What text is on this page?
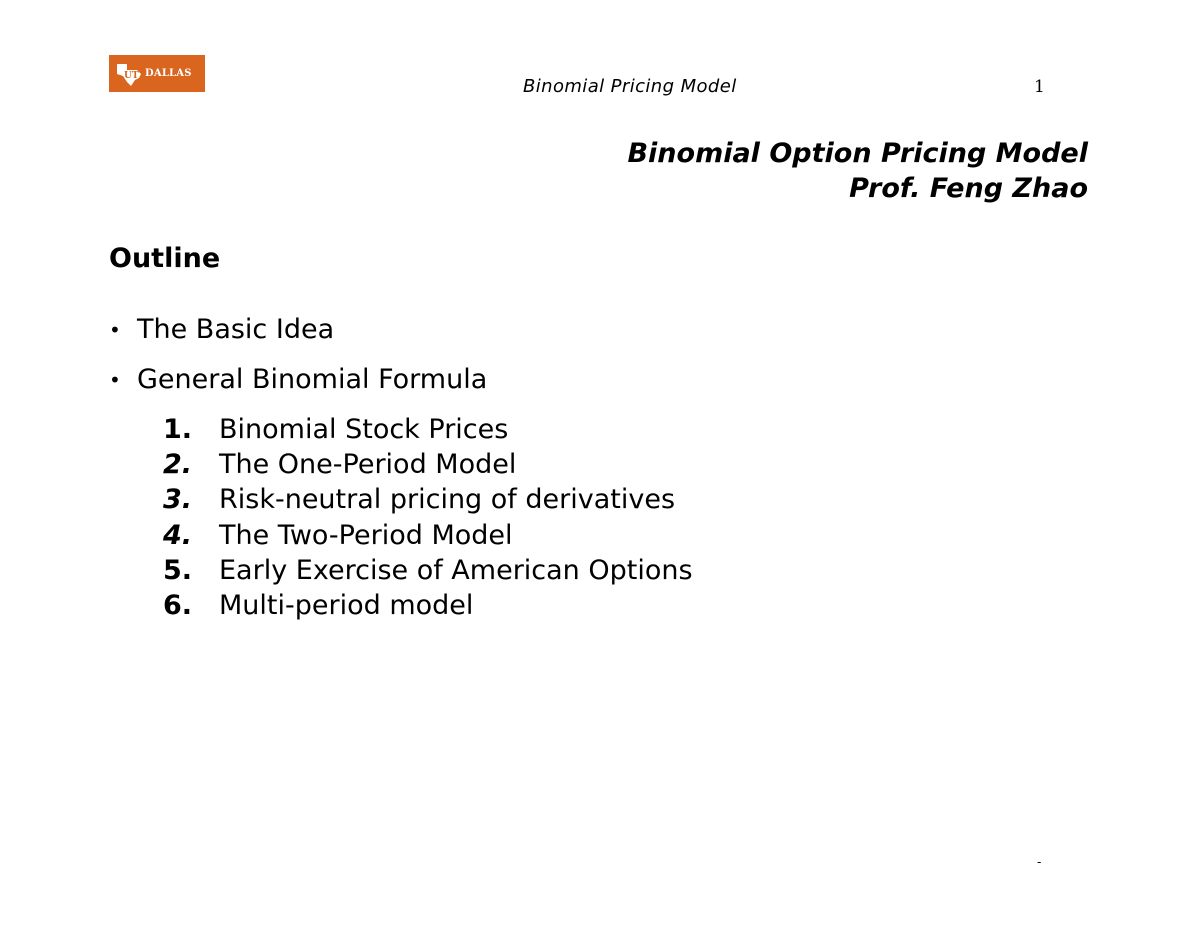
UT DALLAS
Binomial Pricing Model	1
Binomial Option Pricing Model
Prof. Feng Zhao
Outline
• The Basic Idea
• General Binomial Formula
1. Binomial Stock Prices
2. The One-Period Model
3. Risk-neutral pricing of derivatives
4. The Two-Period Model
5. Early Exercise of American Options
6. Multi-period model
-
